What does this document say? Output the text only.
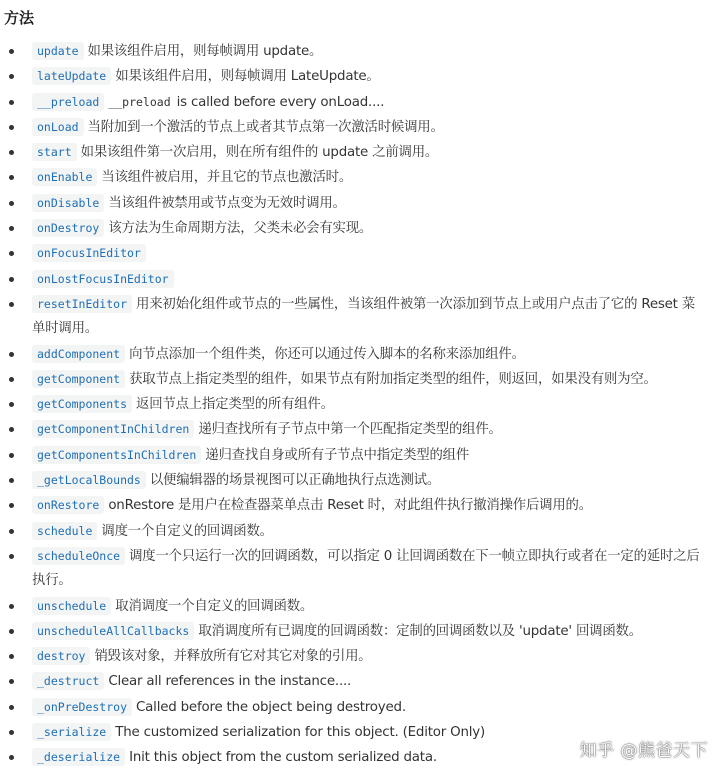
方法
update 如果该组件启用，则每帧调用 update。
lateUpdate 如果该组件启用，则每帧调用 LateUpdate。
__preload __preload is called before every onLoad....
onLoad 当附加到一个激活的节点上或者其节点第一次激活时候调用。
start 如果该组件第一次启用，则在所有组件的 update 之前调用。
onEnable 当该组件被启用，并且它的节点也激活时。
onDisable 当该组件被禁用或节点变为无效时调用。
onDestroy 该方法为生命周期方法，父类未必会有实现。
onFocusInEditor
onLostFocusInEditor
resetInEditor 用来初始化组件或节点的一些属性，当该组件被第一次添加到节点上或用户点击了它的 Reset 菜单时调用。
addComponent 向节点添加一个组件类，你还可以通过传入脚本的名称来添加组件。
getComponent 获取节点上指定类型的组件，如果节点有附加指定类型的组件，则返回，如果没有则为空。
getComponents 返回节点上指定类型的所有组件。
getComponentInChildren 递归查找所有子节点中第一个匹配指定类型的组件。
getComponentsInChildren 递归查找自身或所有子节点中指定类型的组件
_getLocalBounds 以便编辑器的场景视图可以正确地执行点选测试。
onRestore onRestore 是用户在检查器菜单点击 Reset 时，对此组件执行撤消操作后调用的。
schedule 调度一个自定义的回调函数。
scheduleOnce 调度一个只运行一次的回调函数，可以指定 0 让回调函数在下一帧立即执行或者在一定的延时之后执行。
unschedule 取消调度一个自定义的回调函数。
unscheduleAllCallbacks 取消调度所有已调度的回调函数：定制的回调函数以及 'update' 回调函数。
destroy 销毁该对象，并释放所有它对其它对象的引用。
_destruct Clear all references in the instance....
_onPreDestroy Called before the object being destroyed.
_serialize The customized serialization for this object. (Editor Only)
_deserialize Init this object from the custom serialized data.	知乎 @熊爸天下
